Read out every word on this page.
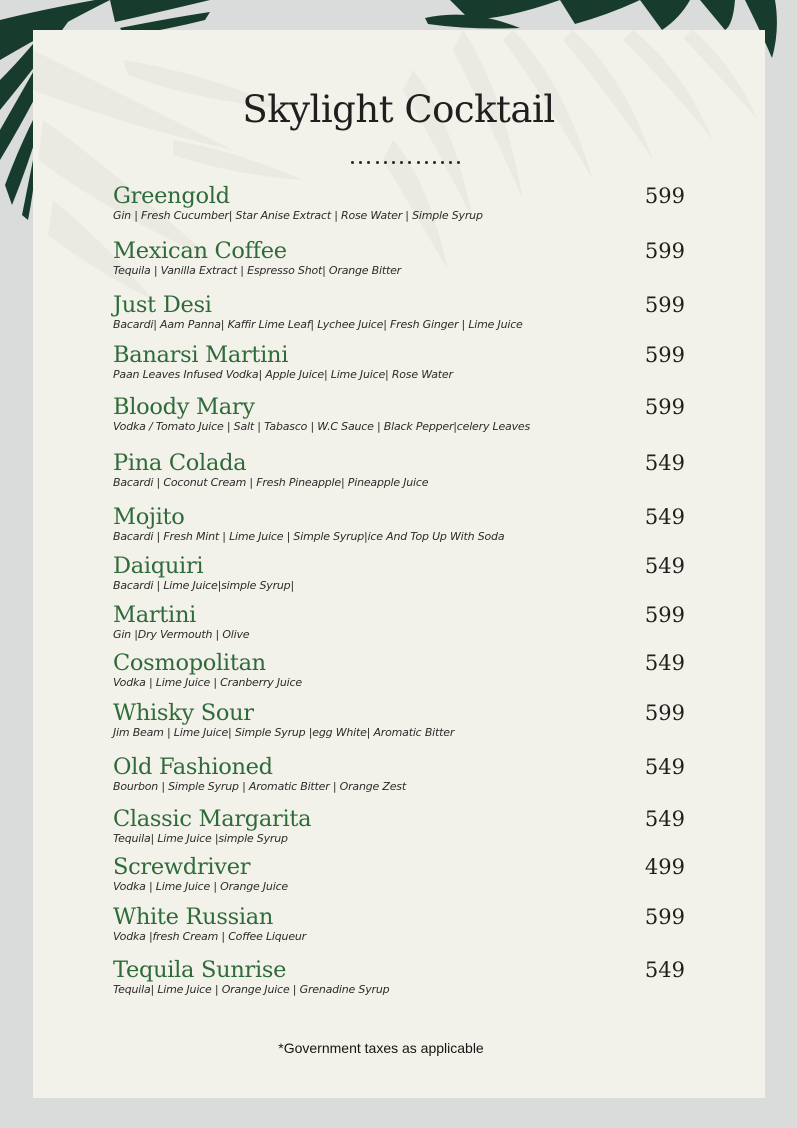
Skylight Cocktail
Greengold
Gin | Fresh Cucumber| Star Anise Extract | Rose Water | Simple Syrup
599
Mexican Coffee
Tequila | Vanilla Extract | Espresso Shot| Orange Bitter
599
Just Desi
Bacardi| Aam Panna| Kaffir Lime Leaf| Lychee Juice| Fresh Ginger | Lime Juice
599
Banarsi Martini
Paan Leaves Infused Vodka| Apple Juice| Lime Juice| Rose Water
599
Bloody Mary
Vodka / Tomato Juice | Salt | Tabasco | W.C Sauce | Black Pepper|celery Leaves
599
Pina Colada
Bacardi | Coconut Cream | Fresh Pineapple| Pineapple Juice
549
Mojito
Bacardi | Fresh Mint | Lime Juice | Simple Syrup|ice And Top Up With Soda
549
Daiquiri
Bacardi | Lime Juice|simple Syrup|
549
Martini
Gin |Dry Vermouth | Olive
599
Cosmopolitan
Vodka | Lime Juice | Cranberry Juice
549
Whisky Sour
Jim Beam | Lime Juice| Simple Syrup |egg White| Aromatic Bitter
599
Old Fashioned
Bourbon | Simple Syrup | Aromatic Bitter | Orange Zest
549
Classic Margarita
Tequila| Lime Juice |simple Syrup
549
Screwdriver
Vodka | Lime Juice | Orange Juice
499
White Russian
Vodka |fresh Cream | Coffee Liqueur
599
Tequila Sunrise
Tequila| Lime Juice | Orange Juice | Grenadine Syrup
549
*Government taxes as applicable
